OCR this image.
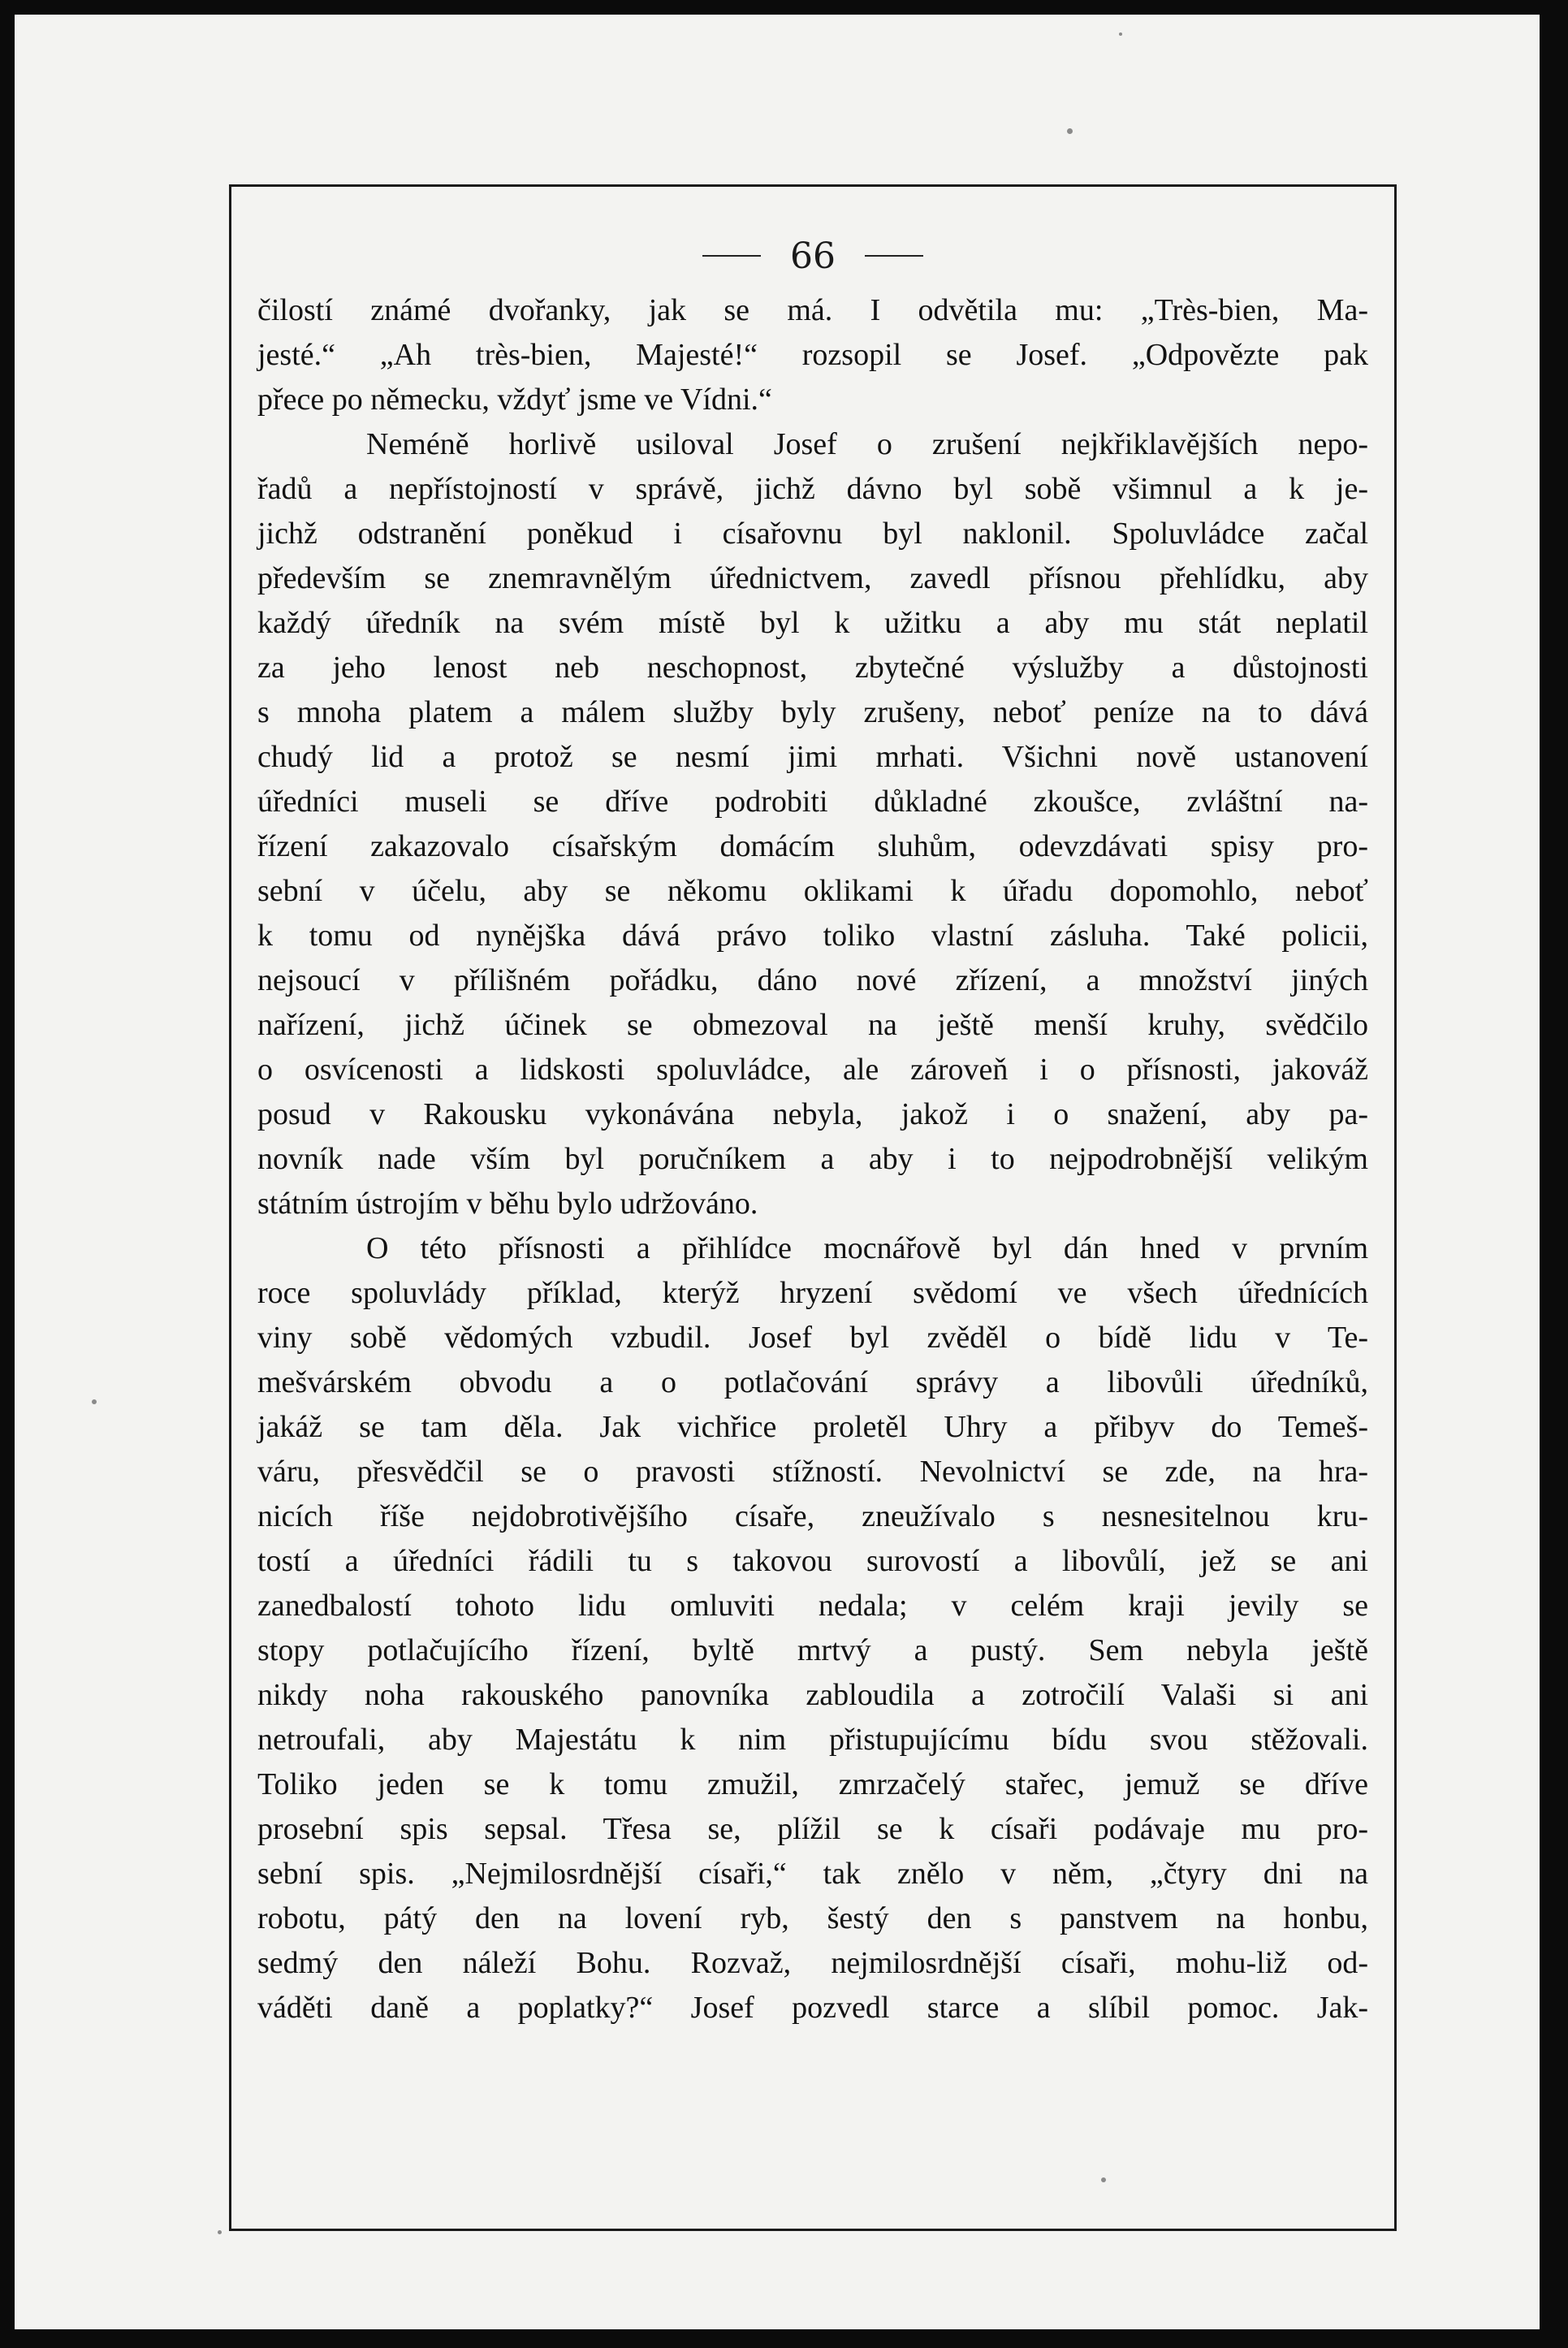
66
čilostí známé dvořanky, jak se má. I odvětila mu: „Très-bien, Ma-
jesté.“ „Ah très-bien, Majesté!“ rozsopil se Josef. „Odpovězte pak
přece po německu, vždyť jsme ve Vídni.“
Neméně horlivě usiloval Josef o zrušení nejkřiklavějších nepo-
řadů a nepřístojností v správě, jichž dávno byl sobě všimnul a k je-
jichž odstranění poněkud i císařovnu byl naklonil. Spoluvládce začal
především se znemravnělým úřednictvem, zavedl přísnou přehlídku, aby
každý úředník na svém místě byl k užitku a aby mu stát neplatil
za jeho lenost neb neschopnost, zbytečné výslužby a důstojnosti
s mnoha platem a málem služby byly zrušeny, neboť peníze na to dává
chudý lid a protož se nesmí jimi mrhati. Všichni nově ustanovení
úředníci museli se dříve podrobiti důkladné zkoušce, zvláštní na-
řízení zakazovalo císařským domácím sluhům, odevzdávati spisy pro-
sební v účelu, aby se někomu oklikami k úřadu dopomohlo, neboť
k tomu od nynějška dává právo toliko vlastní zásluha. Také policii,
nejsoucí v přílišném pořádku, dáno nové zřízení, a množství jiných
nařízení, jichž účinek se obmezoval na ještě menší kruhy, svědčilo
o osvícenosti a lidskosti spoluvládce, ale zároveň i o přísnosti, jakováž
posud v Rakousku vykonávána nebyla, jakož i o snažení, aby pa-
novník nade vším byl poručníkem a aby i to nejpodrobnější velikým
státním ústrojím v běhu bylo udržováno.
O této přísnosti a přihlídce mocnářově byl dán hned v prvním
roce spoluvlády příklad, kterýž hryzení svědomí ve všech úřednících
viny sobě vědomých vzbudil. Josef byl zvěděl o bídě lidu v Te-
mešvárském obvodu a o potlačování správy a libovůli úředníků,
jakáž se tam děla. Jak vichřice proletěl Uhry a přibyv do Temeš-
váru, přesvědčil se o pravosti stížností. Nevolnictví se zde, na hra-
nicích říše nejdobrotivějšího císaře, zneužívalo s nesnesitelnou kru-
tostí a úředníci řádili tu s takovou surovostí a libovůlí, jež se ani
zanedbalostí tohoto lidu omluviti nedala; v celém kraji jevily se
stopy potlačujícího řízení, byltě mrtvý a pustý. Sem nebyla ještě
nikdy noha rakouského panovníka zabloudila a zotročilí Valaši si ani
netroufali, aby Majestátu k nim přistupujícímu bídu svou stěžovali.
Toliko jeden se k tomu zmužil, zmrzačelý stařec, jemuž se dříve
prosební spis sepsal. Třesa se, plížil se k císaři podávaje mu pro-
sební spis. „Nejmilosrdnější císaři,“ tak znělo v něm, „čtyry dni na
robotu, pátý den na lovení ryb, šestý den s panstvem na honbu,
sedmý den náleží Bohu. Rozvaž, nejmilosrdnější císaři, mohu-liž od-
váděti daně a poplatky?“ Josef pozvedl starce a slíbil pomoc. Jak-
